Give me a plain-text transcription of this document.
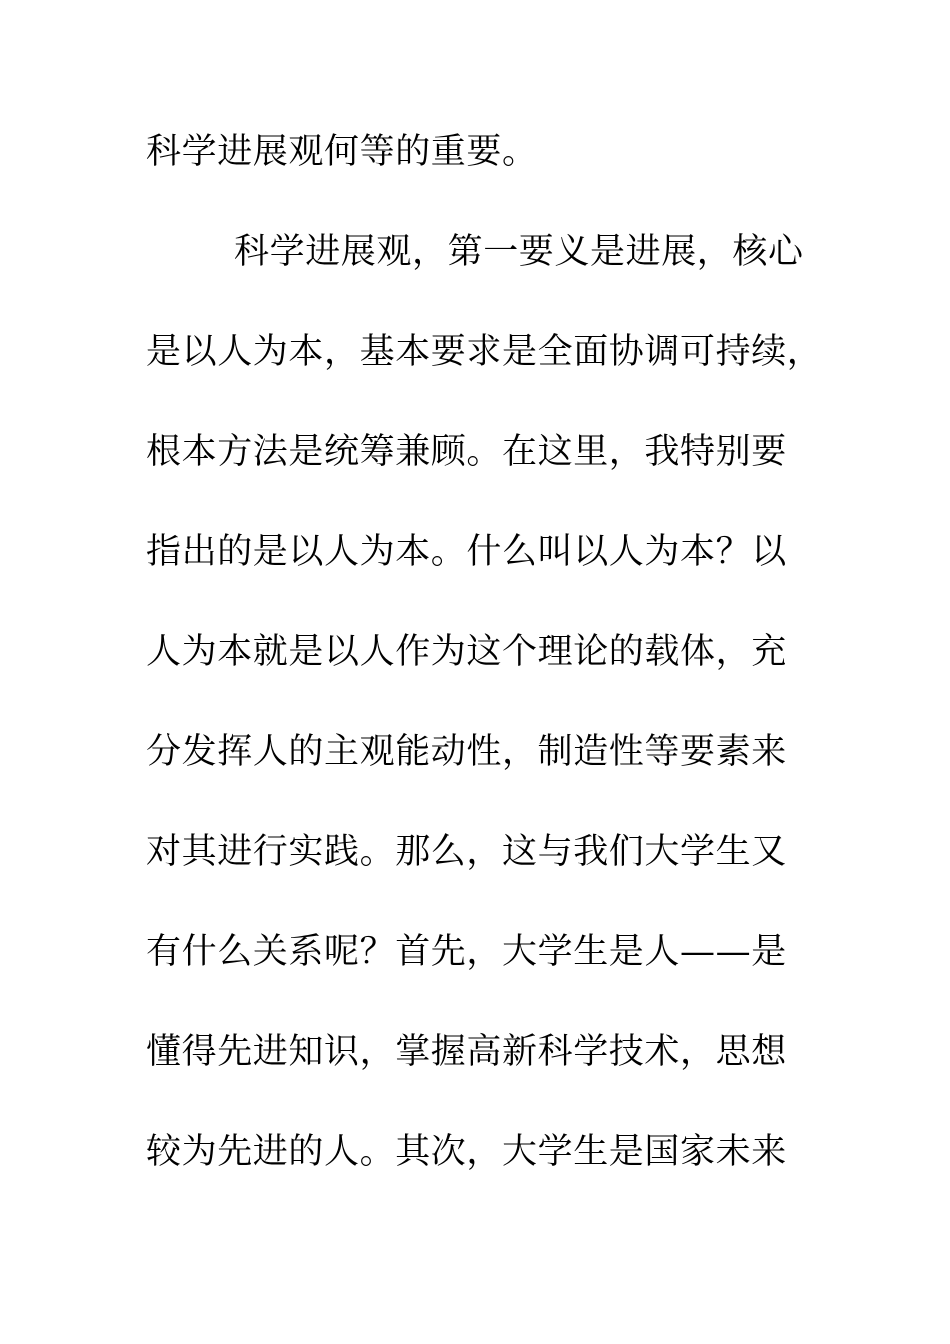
科学进展观何等的重要。
科学进展观，第一要义是进展，核心
是以人为本，基本要求是全面协调可持续，
根本方法是统筹兼顾。在这里，我特别要
指出的是以人为本。什么叫以人为本？以
人为本就是以人作为这个理论的载体，充
分发挥人的主观能动性，制造性等要素来
对其进行实践。那么，这与我们大学生又
有什么关系呢？首先，大学生是人——是
懂得先进知识，掌握高新科学技术，思想
较为先进的人。其次，大学生是国家未来
